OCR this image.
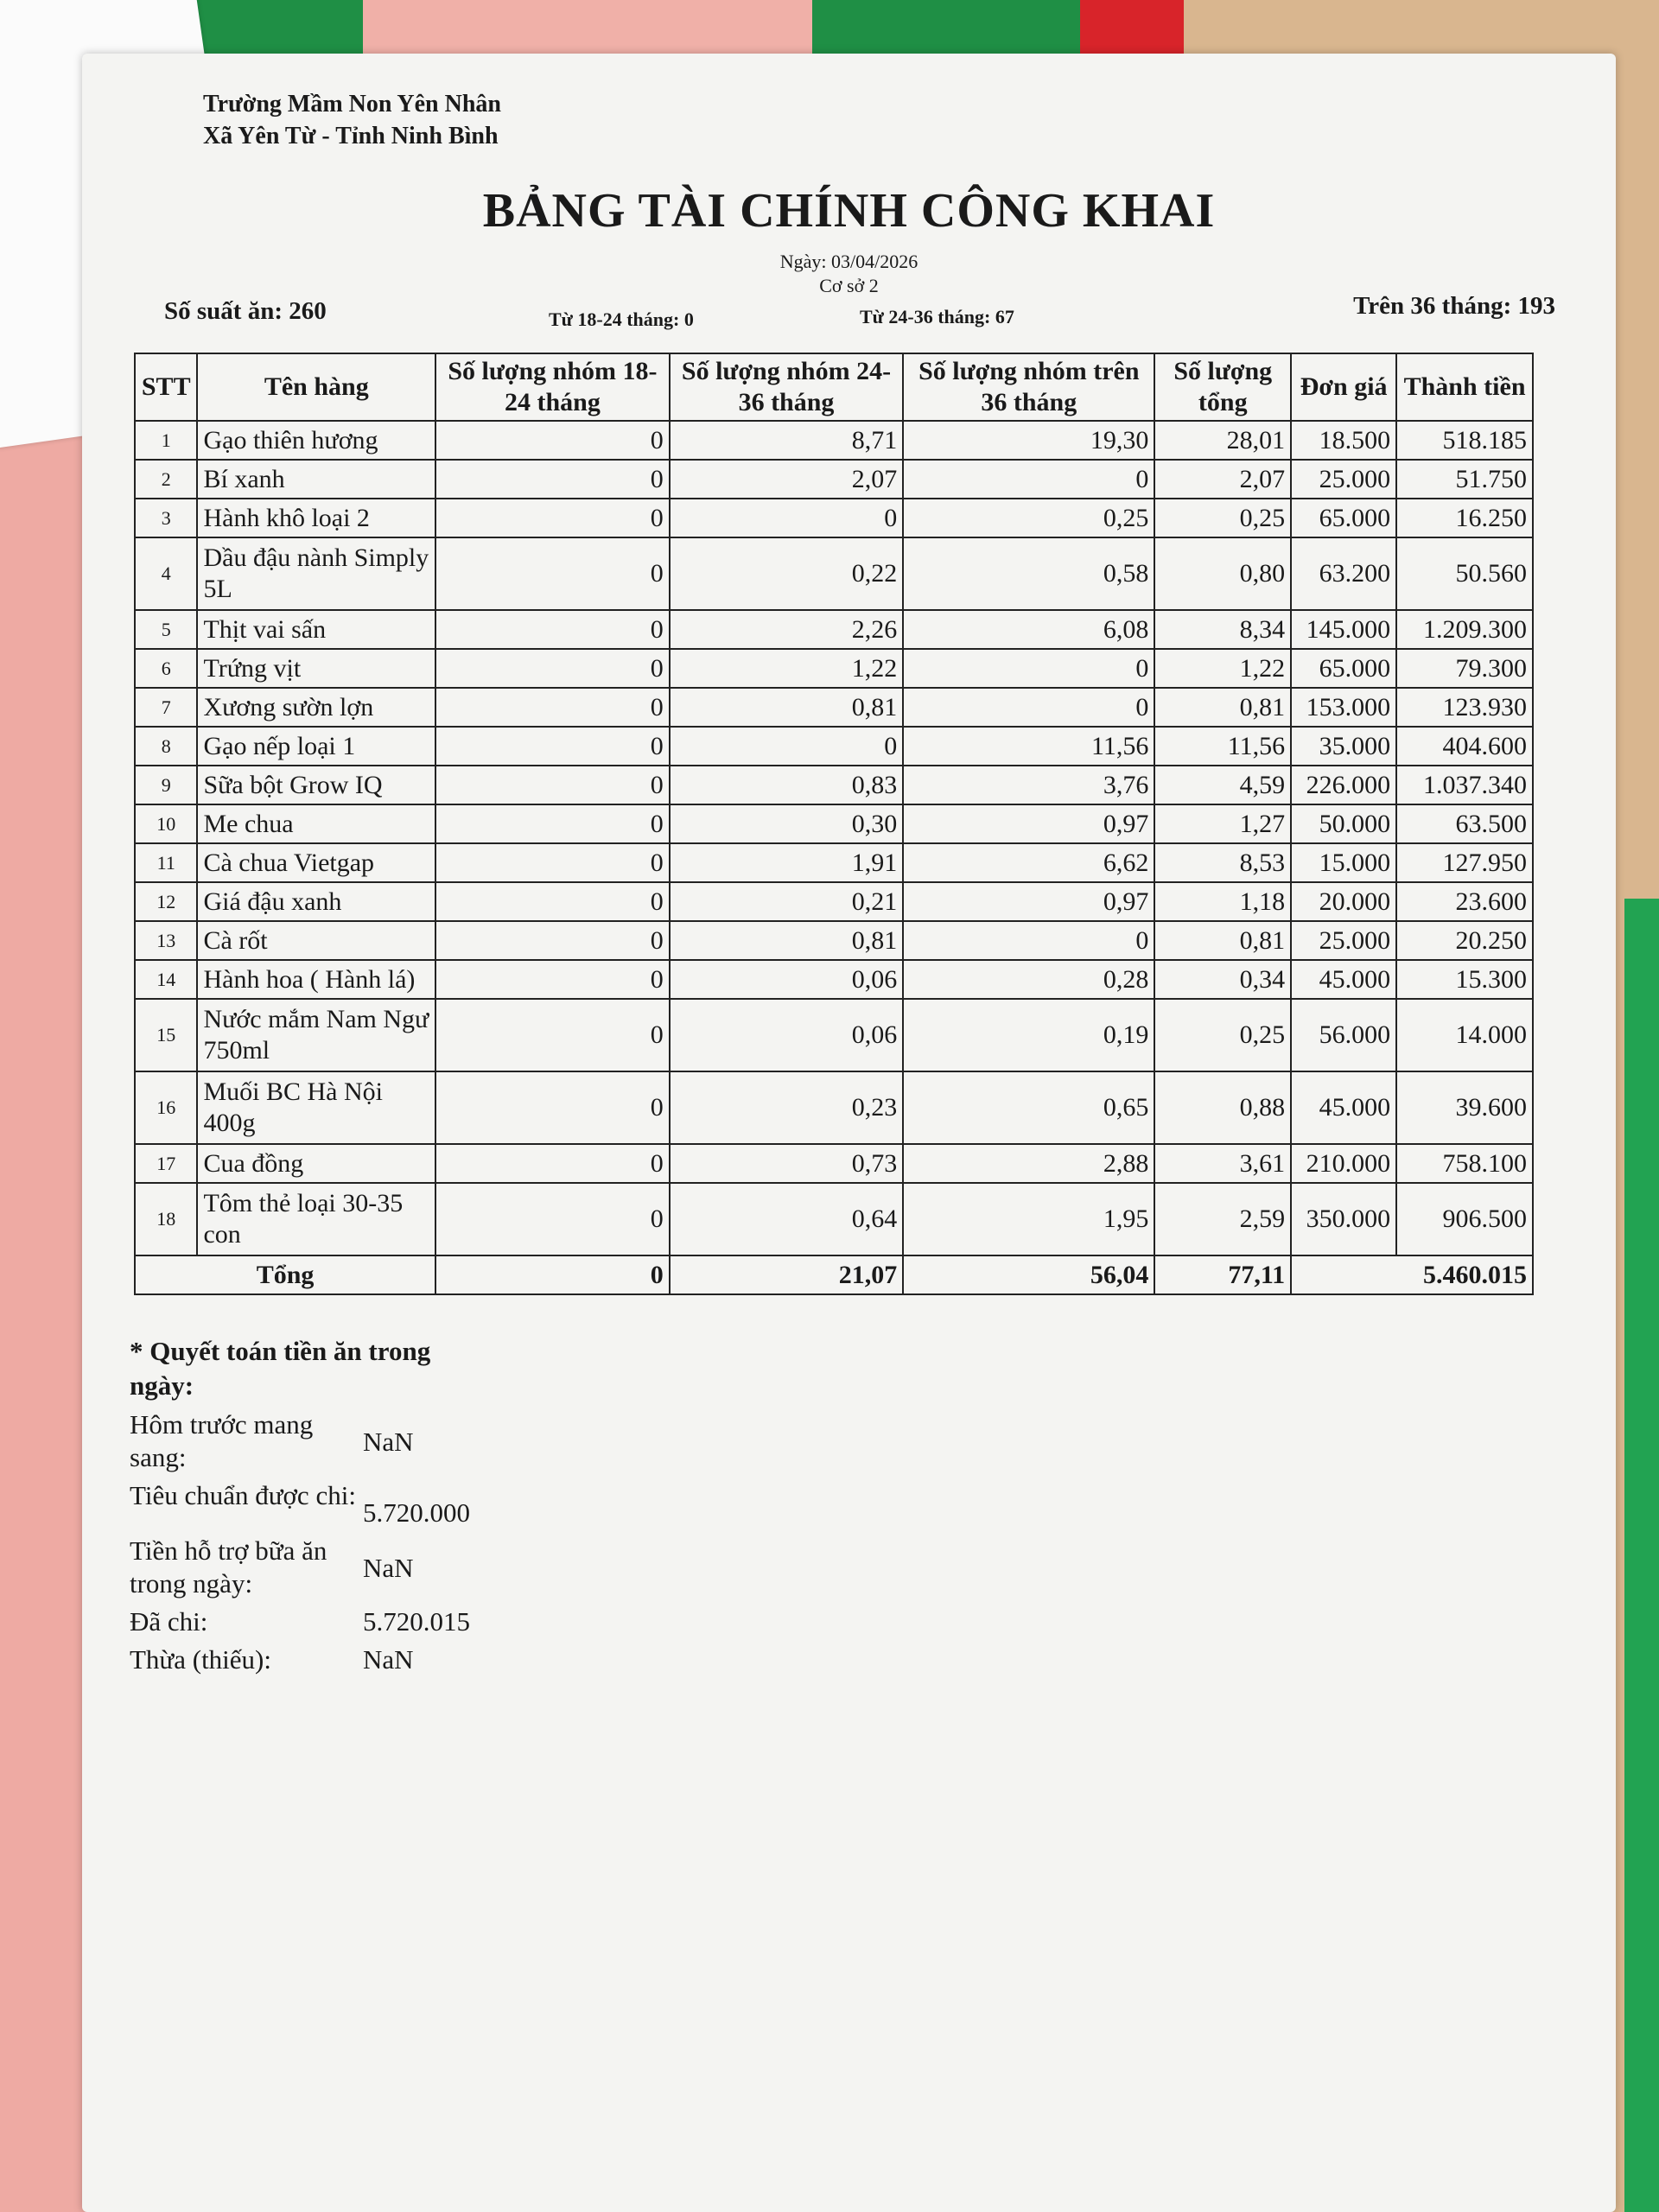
Trường Mầm Non Yên Nhân
Xã Yên Từ - Tỉnh Ninh Bình
BẢNG TÀI CHÍNH CÔNG KHAI
Ngày: 03/04/2026
Cơ sở 2
Số suất ăn: 260	Từ 18-24 tháng: 0	Từ 24-36 tháng: 67	Trên 36 tháng: 193
STT	Tên hàng	Số lượng nhóm 18-24 tháng	Số lượng nhóm 24-36 tháng	Số lượng nhóm trên 36 tháng	Số lượng tổng	Đơn giá	Thành tiền
1	Gạo thiên hương	0	8,71	19,30	28,01	18.500	518.185
2	Bí xanh	0	2,07	0	2,07	25.000	51.750
3	Hành khô loại 2	0	0	0,25	0,25	65.000	16.250
4	Dầu đậu nành Simply 5L	0	0,22	0,58	0,80	63.200	50.560
5	Thịt vai sấn	0	2,26	6,08	8,34	145.000	1.209.300
6	Trứng vịt	0	1,22	0	1,22	65.000	79.300
7	Xương sườn lợn	0	0,81	0	0,81	153.000	123.930
8	Gạo nếp loại 1	0	0	11,56	11,56	35.000	404.600
9	Sữa bột Grow IQ	0	0,83	3,76	4,59	226.000	1.037.340
10	Me chua	0	0,30	0,97	1,27	50.000	63.500
11	Cà chua Vietgap	0	1,91	6,62	8,53	15.000	127.950
12	Giá đậu xanh	0	0,21	0,97	1,18	20.000	23.600
13	Cà rốt	0	0,81	0	0,81	25.000	20.250
14	Hành hoa ( Hành lá)	0	0,06	0,28	0,34	45.000	15.300
15	Nước mắm Nam Ngư 750ml	0	0,06	0,19	0,25	56.000	14.000
16	Muối BC Hà Nội 400g	0	0,23	0,65	0,88	45.000	39.600
17	Cua đồng	0	0,73	2,88	3,61	210.000	758.100
18	Tôm thẻ loại 30-35 con	0	0,64	1,95	2,59	350.000	906.500
Tổng		0	21,07	56,04	77,11	5.460.015	
* Quyết toán tiền ăn trong ngày:
Hôm trước mang sang:
NaN
Tiêu chuẩn được chi:
5.720.000
Tiền hỗ trợ bữa ăn trong ngày:
NaN
Đã chi:	5.720.015
Thừa (thiếu):	NaN
